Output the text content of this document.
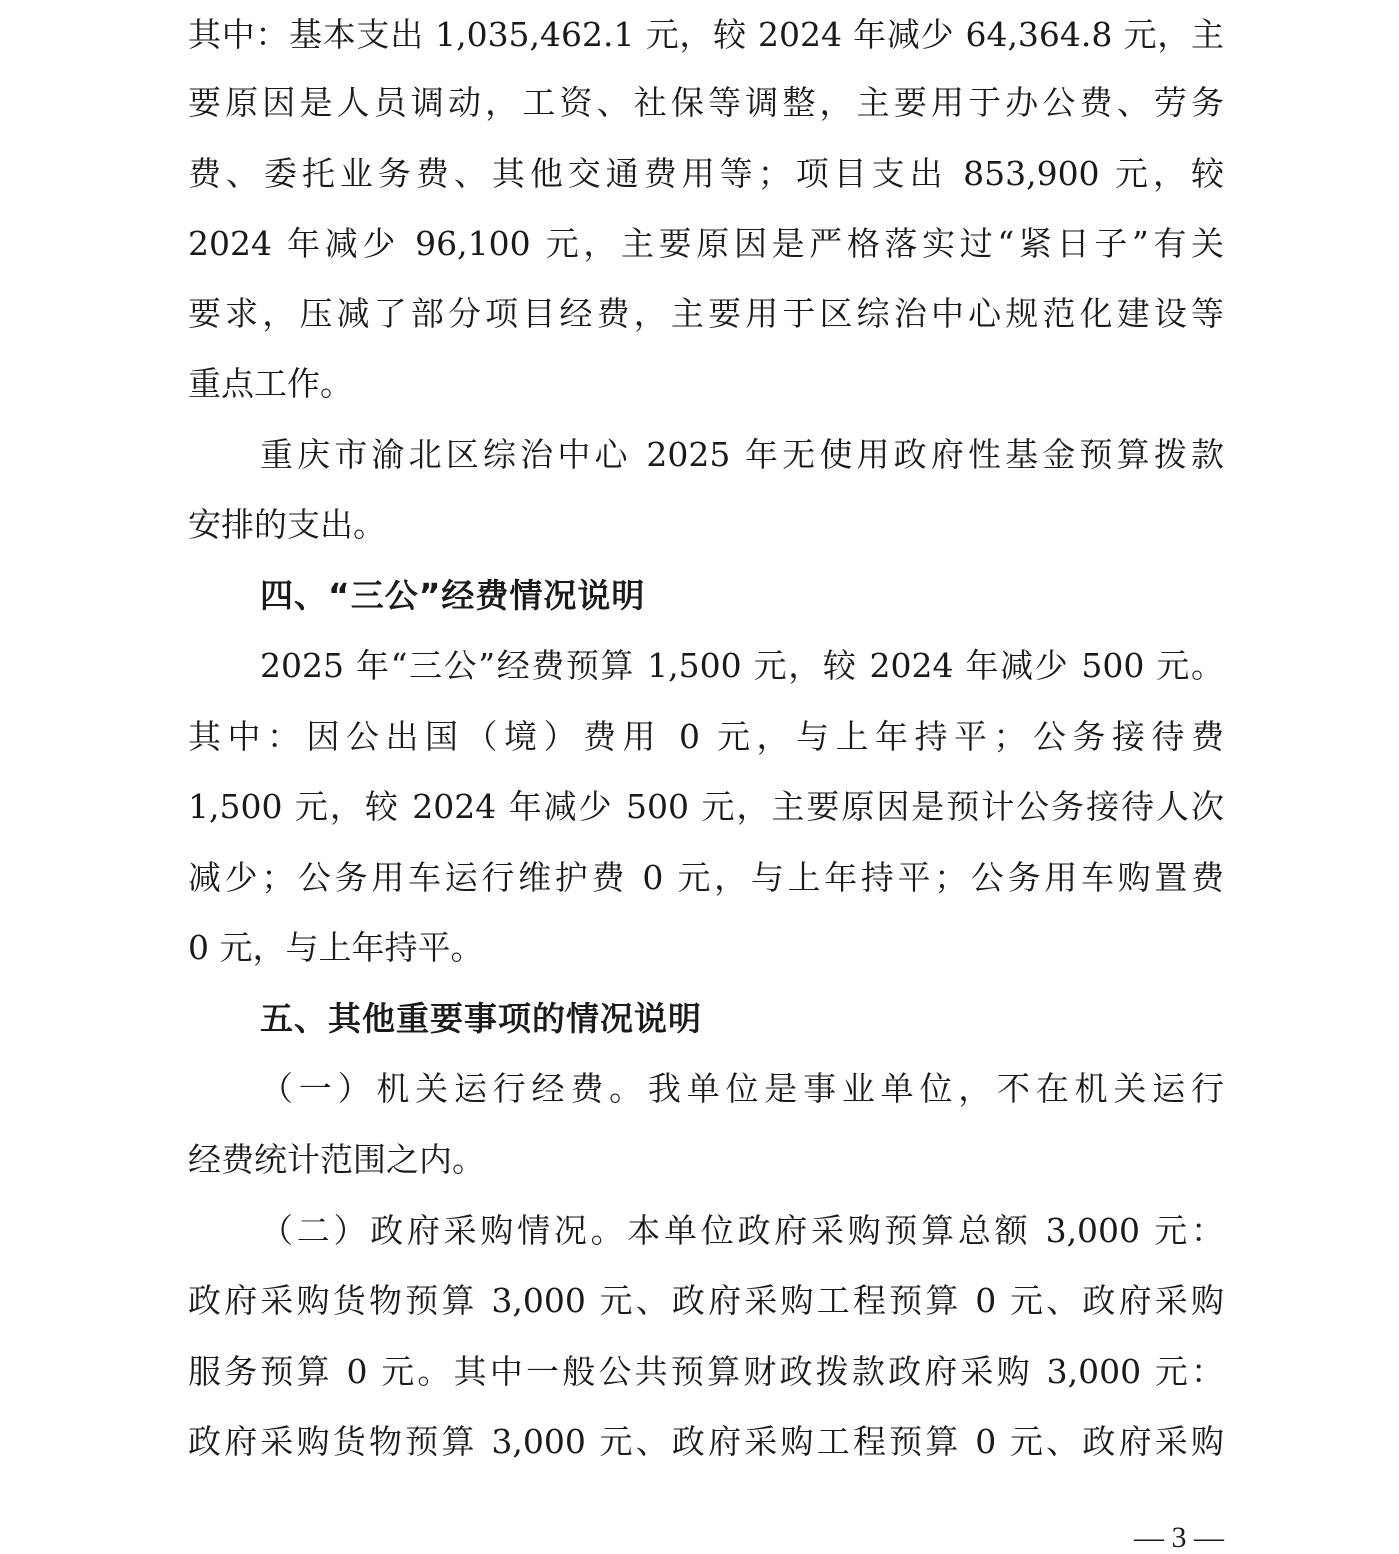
其中：基本支出 1,035,462.1 元，较 2024 年减少 64,364.8 元，主
要原因是人员调动，工资、社保等调整，主要用于办公费、劳务
费、委托业务费、其他交通费用等；项目支出 853,900 元，较
2024 年减少 96,100 元，主要原因是严格落实过“紧日子”有关
要求，压减了部分项目经费，主要用于区综治中心规范化建设等
重点工作。
重庆市渝北区综治中心 2025 年无使用政府性基金预算拨款
安排的支出。
四、“三公”经费情况说明
2025 年“三公”经费预算 1,500 元，较 2024 年减少 500 元。
其中：因公出国（境）费用 0 元，与上年持平；公务接待费
1,500 元，较 2024 年减少 500 元，主要原因是预计公务接待人次
减少；公务用车运行维护费 0 元，与上年持平；公务用车购置费
0 元，与上年持平。
五、其他重要事项的情况说明
（一）机关运行经费。我单位是事业单位，不在机关运行
经费统计范围之内。
（二）政府采购情况。本单位政府采购预算总额 3,000 元：
政府采购货物预算 3,000 元、政府采购工程预算 0 元、政府采购
服务预算 0 元。其中一般公共预算财政拨款政府采购 3,000 元：
政府采购货物预算 3,000 元、政府采购工程预算 0 元、政府采购
— 3 —
